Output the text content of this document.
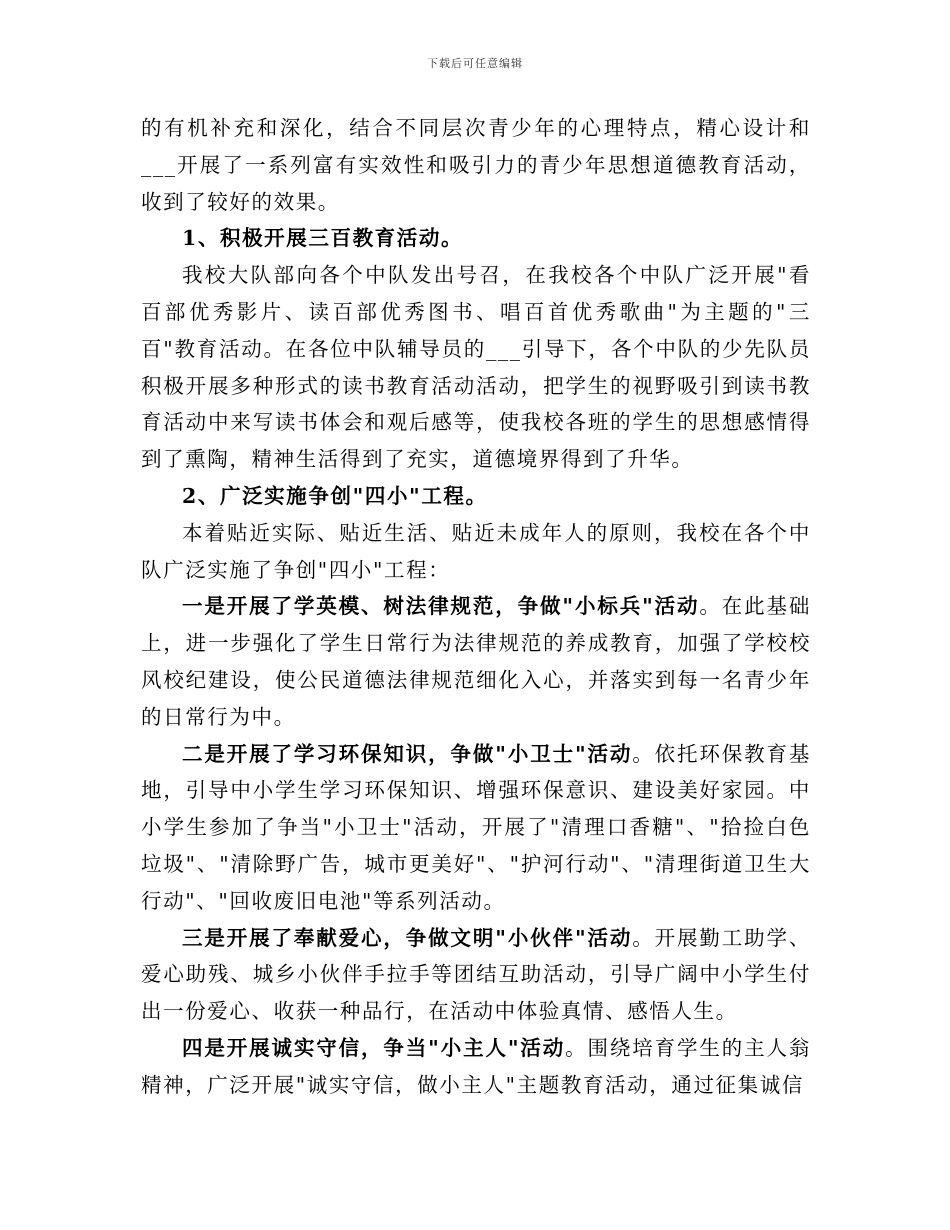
下载后可任意编辑

的有机补充和深化，结合不同层次青少年的心理特点，精心设计和___开展了一系列富有实效性和吸引力的青少年思想道德教育活动，收到了较好的效果。

1、积极开展三百教育活动。

我校大队部向各个中队发出号召，在我校各个中队广泛开展"看百部优秀影片、读百部优秀图书、唱百首优秀歌曲"为主题的"三百"教育活动。在各位中队辅导员的___引导下，各个中队的少先队员积极开展多种形式的读书教育活动活动，把学生的视野吸引到读书教育活动中来写读书体会和观后感等，使我校各班的学生的思想感情得到了熏陶，精神生活得到了充实，道德境界得到了升华。

2、广泛实施争创"四小"工程。

本着贴近实际、贴近生活、贴近未成年人的原则，我校在各个中队广泛实施了争创"四小"工程：

一是开展了学英模、树法律规范，争做"小标兵"活动。在此基础上，进一步强化了学生日常行为法律规范的养成教育，加强了学校校风校纪建设，使公民道德法律规范细化入心，并落实到每一名青少年的日常行为中。

二是开展了学习环保知识，争做"小卫士"活动。依托环保教育基地，引导中小学生学习环保知识、增强环保意识、建设美好家园。中小学生参加了争当"小卫士"活动，开展了"清理口香糖"、"拾捡白色垃圾"、"清除野广告，城市更美好"、"护河行动"、"清理街道卫生大行动"、"回收废旧电池"等系列活动。

三是开展了奉献爱心，争做文明"小伙伴"活动。开展勤工助学、爱心助残、城乡小伙伴手拉手等团结互助活动，引导广阔中小学生付出一份爱心、收获一种品行，在活动中体验真情、感悟人生。

四是开展诚实守信，争当"小主人"活动。围绕培育学生的主人翁精神，广泛开展"诚实守信，做小主人"主题教育活动，通过征集诚信
